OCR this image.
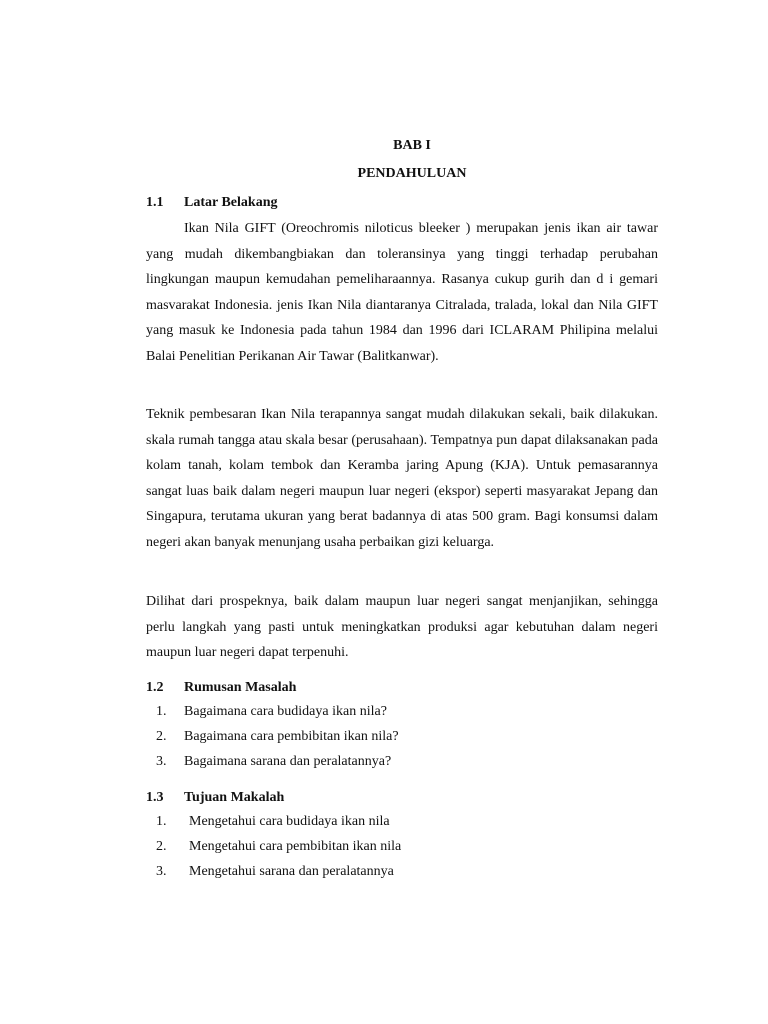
BAB I
PENDAHULUAN
1.1 Latar Belakang

Ikan Nila GIFT (Oreochromis niloticus bleeker ) merupakan jenis ikan air tawar yang mudah dikembangbiakan dan toleransinya yang tinggi terhadap perubahan lingkungan maupun kemudahan pemeliharaannya. Rasanya cukup gurih dan d i gemari masvarakat Indonesia. jenis Ikan Nila diantaranya Citralada, tralada, lokal dan Nila GIFT yang masuk ke Indonesia pada tahun 1984 dan 1996 dari ICLARAM Philipina melalui Balai Penelitian Perikanan Air Tawar (Balitkanwar).

Teknik pembesaran Ikan Nila terapannya sangat mudah dilakukan sekali, baik dilakukan. skala rumah tangga atau skala besar (perusahaan). Tempatnya pun dapat dilaksanakan pada kolam tanah, kolam tembok dan Keramba jaring Apung (KJA). Untuk pemasarannya sangat luas baik dalam negeri maupun luar negeri (ekspor) seperti masyarakat Jepang dan Singapura, terutama ukuran yang berat badannya di atas 500 gram. Bagi konsumsi dalam negeri akan banyak menunjang usaha perbaikan gizi keluarga.

Dilihat dari prospeknya, baik dalam maupun luar negeri sangat menjanjikan, sehingga perlu langkah yang pasti untuk meningkatkan produksi agar kebutuhan dalam negeri maupun luar negeri dapat terpenuhi.

1.2 Rumusan Masalah
1. Bagaimana cara budidaya ikan nila?
2. Bagaimana cara pembibitan ikan nila?
3. Bagaimana sarana dan peralatannya?
1.3 Tujuan Makalah
1. Mengetahui cara budidaya ikan nila
2. Mengetahui cara pembibitan ikan nila
3. Mengetahui sarana dan peralatannya
